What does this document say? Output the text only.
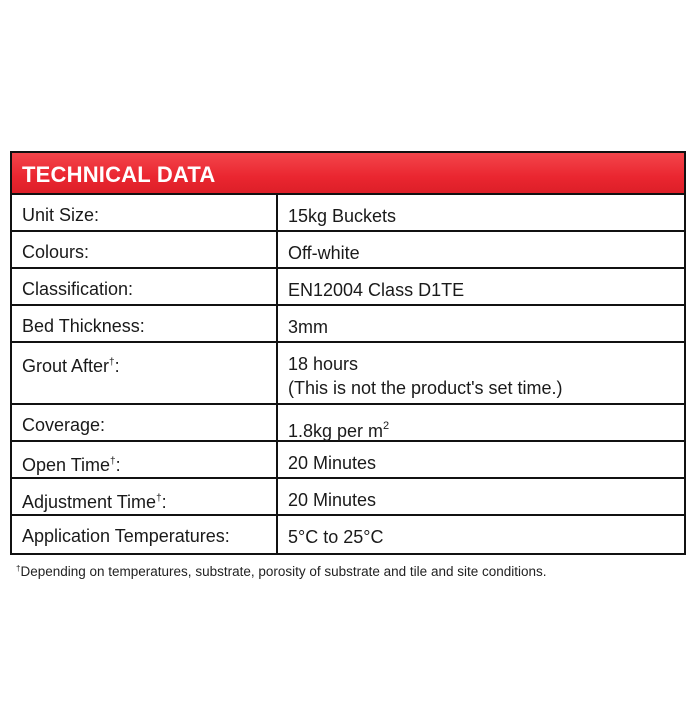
TECHNICAL DATA
Unit Size:	15kg Buckets
Colours:	Off-white
Classification:	EN12004 Class D1TE
Bed Thickness:	3mm
Grout After†:	18 hours
(This is not the product's set time.)
Coverage:	1.8kg per $m^2$
Open Time†:	20 Minutes
Adjustment Time†:	20 Minutes
Application Temperatures:	5°C to 25°C
†Depending on temperatures, substrate, porosity of substrate and tile and site conditions.
